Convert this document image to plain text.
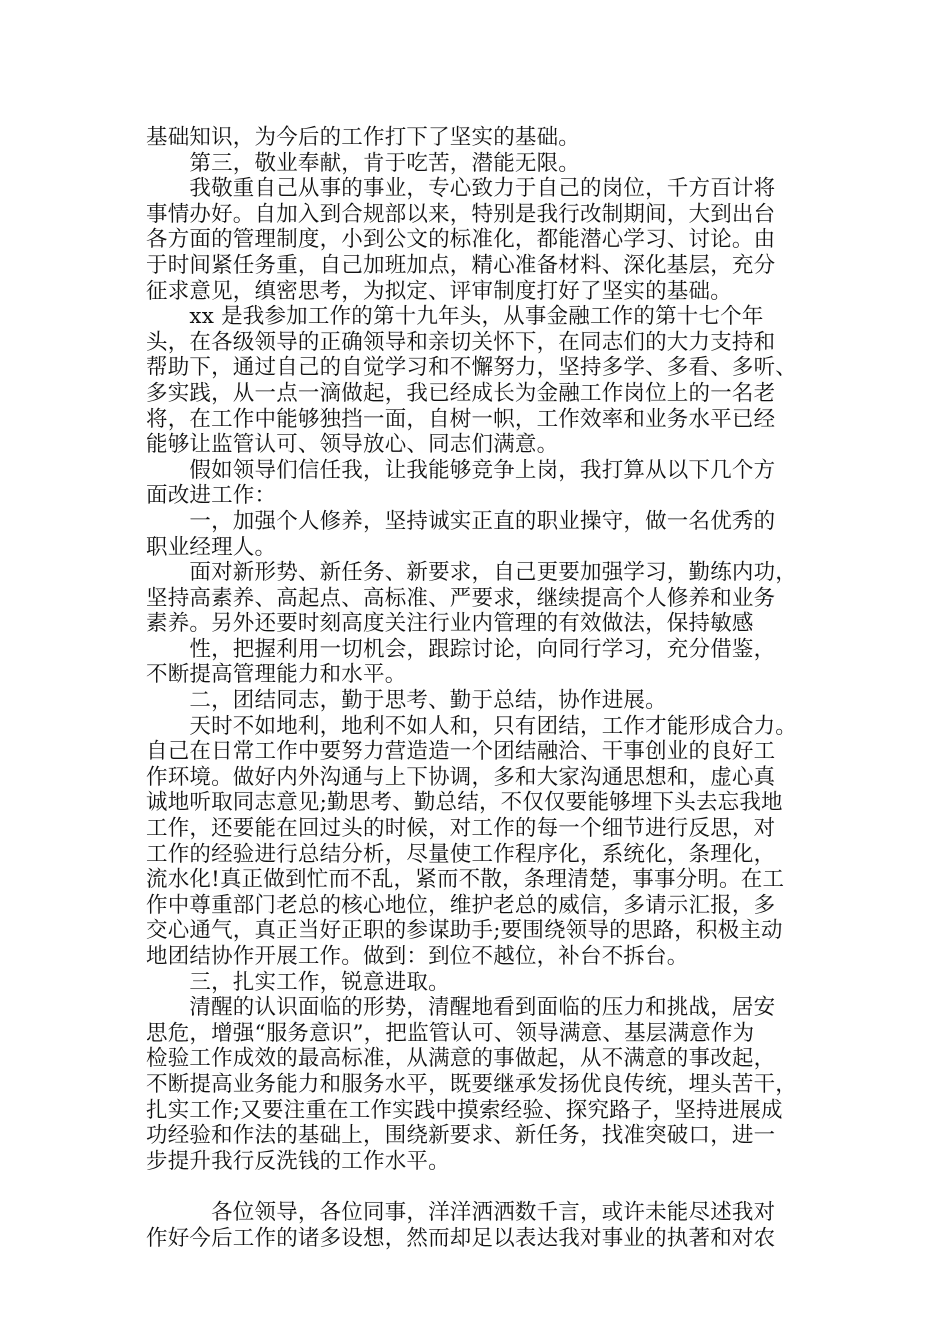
基础知识，为今后的工作打下了坚实的基础。
　　第三，敬业奉献，肯于吃苦，潜能无限。
　　我敬重自己从事的事业，专心致力于自己的岗位，千方百计将
事情办好。自加入到合规部以来，特别是我行改制期间，大到出台
各方面的管理制度，小到公文的标准化，都能潜心学习、讨论。由
于时间紧任务重，自己加班加点，精心准备材料、深化基层，充分
征求意见，缜密思考，为拟定、评审制度打好了坚实的基础。
　　xx 是我参加工作的第十九年头，从事金融工作的第十七个年
头，在各级领导的正确领导和亲切关怀下，在同志们的大力支持和
帮助下，通过自己的自觉学习和不懈努力，坚持多学、多看、多听、
多实践，从一点一滴做起，我已经成长为金融工作岗位上的一名老
将，在工作中能够独挡一面，自树一帜，工作效率和业务水平已经
能够让监管认可、领导放心、同志们满意。
　　假如领导们信任我，让我能够竞争上岗，我打算从以下几个方
面改进工作：
　　一，加强个人修养，坚持诚实正直的职业操守，做一名优秀的
职业经理人。
　　面对新形势、新任务、新要求，自己更要加强学习，勤练内功，
坚持高素养、高起点、高标准、严要求，继续提高个人修养和业务
素养。另外还要时刻高度关注行业内管理的有效做法，保持敏感
　　性，把握利用一切机会，跟踪讨论，向同行学习，充分借鉴，
不断提高管理能力和水平。
　　二，团结同志，勤于思考、勤于总结，协作进展。
　　天时不如地利，地利不如人和，只有团结，工作才能形成合力。
自己在日常工作中要努力营造造一个团结融洽、干事创业的良好工
作环境。做好内外沟通与上下协调，多和大家沟通思想和，虚心真
诚地听取同志意见;勤思考、勤总结，不仅仅要能够埋下头去忘我地
工作，还要能在回过头的时候，对工作的每一个细节进行反思，对
工作的经验进行总结分析，尽量使工作程序化，系统化，条理化，
流水化!真正做到忙而不乱，紧而不散，条理清楚，事事分明。在工
作中尊重部门老总的核心地位，维护老总的威信，多请示汇报，多
交心通气，真正当好正职的参谋助手;要围绕领导的思路，积极主动
地团结协作开展工作。做到：到位不越位，补台不拆台。
　　三，扎实工作，锐意进取。
　　清醒的认识面临的形势，清醒地看到面临的压力和挑战，居安
思危，增强“服务意识”，把监管认可、领导满意、基层满意作为
检验工作成效的最高标准，从满意的事做起，从不满意的事改起，
不断提高业务能力和服务水平，既要继承发扬优良传统，埋头苦干，
扎实工作;又要注重在工作实践中摸索经验、探究路子，坚持进展成
功经验和作法的基础上，围绕新要求、新任务，找准突破口，进一
步提升我行反洗钱的工作水平。
　　　各位领导，各位同事，洋洋洒洒数千言，或许未能尽述我对
作好今后工作的诸多设想，然而却足以表达我对事业的执著和对农
